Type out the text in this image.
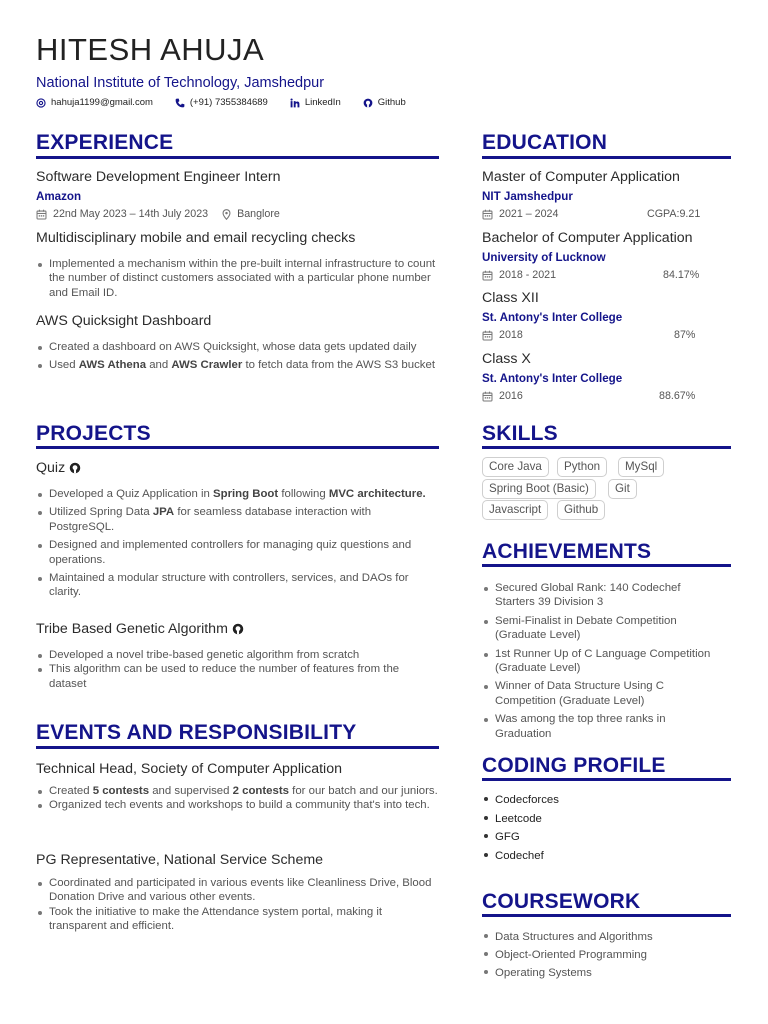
HITESH AHUJA
National Institute of Technology, Jamshedpur
hahuja1199@gmail.com	(+91) 7355384689	LinkedIn	Github
EXPERIENCE
Software Development Engineer Intern
Amazon
22nd May 2023 – 14th July 2023	Banglore
Multidisciplinary mobile and email recycling checks
Implemented a mechanism within the pre-built internal infrastructure to count the number of distinct customers associated with a particular phone number and Email ID.
AWS Quicksight Dashboard
Created a dashboard on AWS Quicksight, whose data gets updated daily
Used AWS Athena and AWS Crawler to fetch data from the AWS S3 bucket
PROJECTS
Quiz
Developed a Quiz Application in Spring Boot following MVC architecture.
Utilized Spring Data JPA for seamless database interaction with PostgreSQL.
Designed and implemented controllers for managing quiz questions and operations.
Maintained a modular structure with controllers, services, and DAOs for clarity.
Tribe Based Genetic Algorithm
Developed a novel tribe-based genetic algorithm from scratch
This algorithm can be used to reduce the number of features from the dataset
EVENTS AND RESPONSIBILITY
Technical Head, Society of Computer Application
Created 5 contests and supervised 2 contests for our batch and our juniors.
Organized tech events and workshops to build a community that's into tech.
PG Representative, National Service Scheme
Coordinated and participated in various events like Cleanliness Drive, Blood Donation Drive and various other events.
Took the initiative to make the Attendance system portal, making it transparent and efficient.
EDUCATION
Master of Computer Application
NIT Jamshedpur
2021 – 2024	CGPA:9.21
Bachelor of Computer Application
University of Lucknow
2018 - 2021	84.17%
Class XII
St. Antony's Inter College
2018	87%
Class X
St. Antony's Inter College
2016	88.67%
SKILLS
Core Java	Python	MySql
Spring Boot (Basic)	Git
Javascript	Github
ACHIEVEMENTS
Secured Global Rank: 140 Codechef Starters 39 Division 3
Semi-Finalist in Debate Competition (Graduate Level)
1st Runner Up of C Language Competition (Graduate Level)
Winner of Data Structure Using C Competition (Graduate Level)
Was among the top three ranks in Graduation
CODING PROFILE
Codecforces
Leetcode
GFG
Codechef
COURSEWORK
Data Structures and Algorithms
Object-Oriented Programming
Operating Systems
